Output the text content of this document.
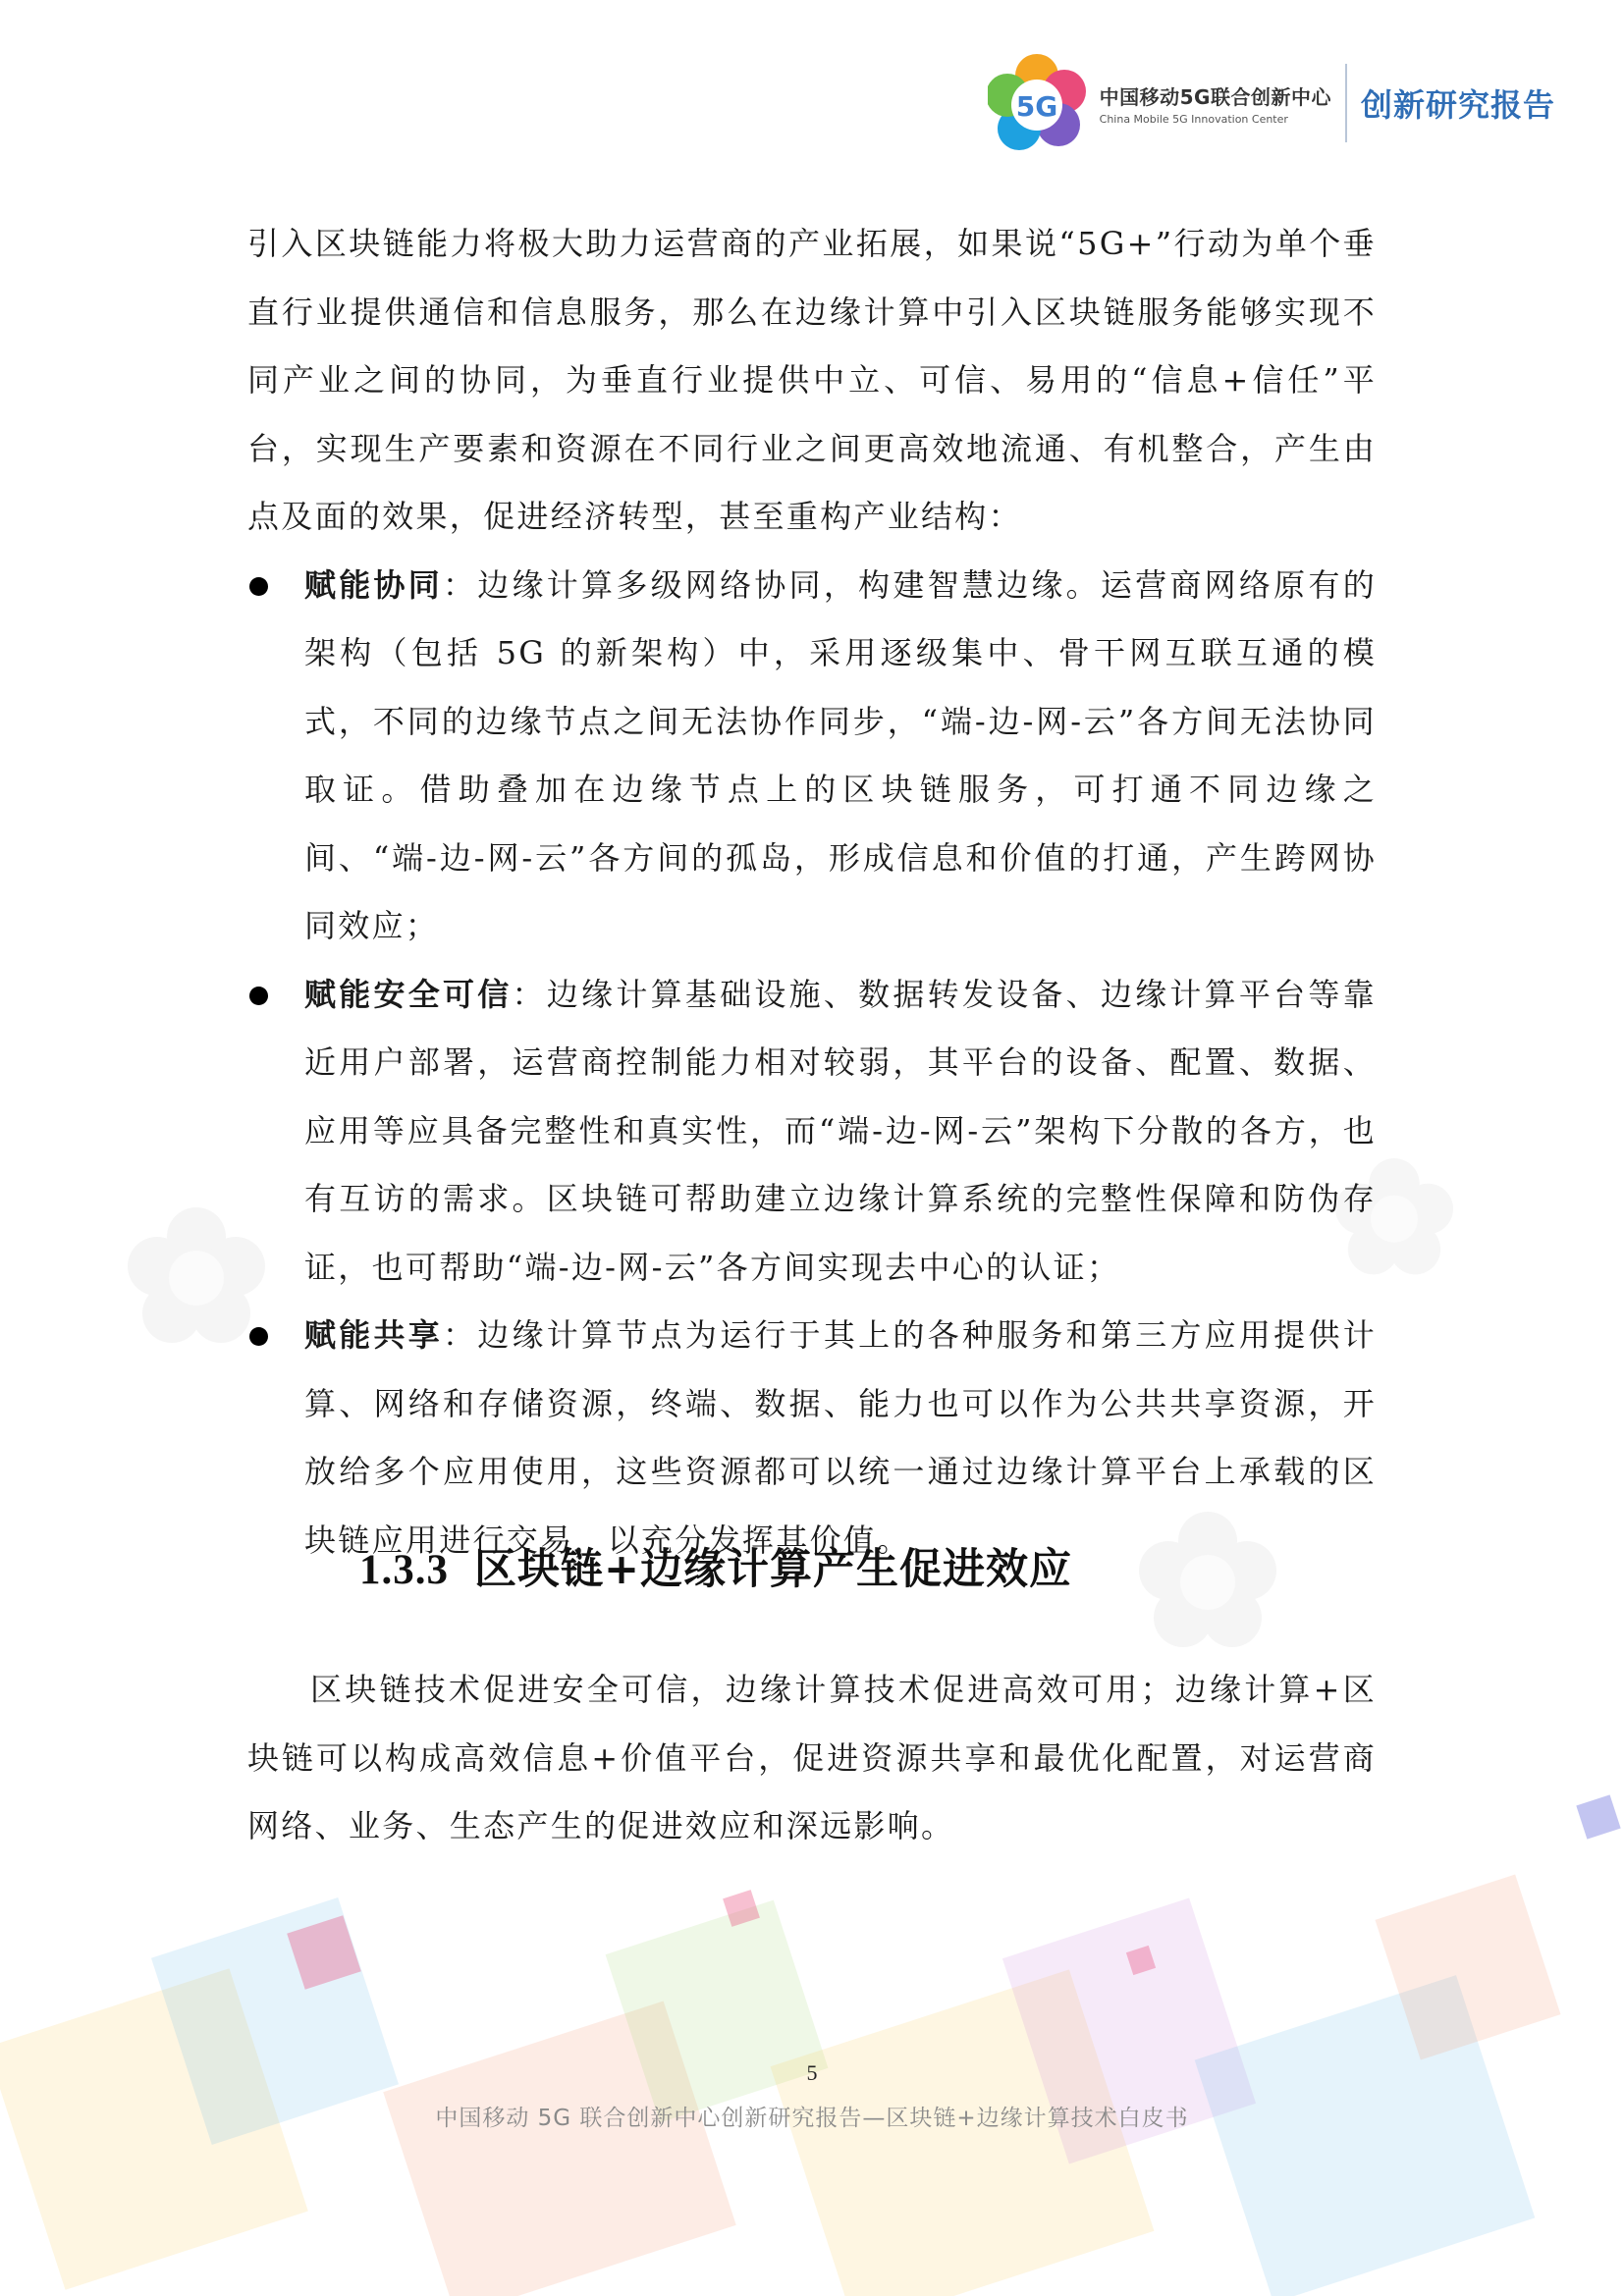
5G 中国移动5G联合创新中心
China Mobile 5G Innovation Center	创新研究报告

引入区块链能力将极大助力运营商的产业拓展，如果说“5G+”行动为单个垂直行业提供通信和信息服务，那么在边缘计算中引入区块链服务能够实现不同产业之间的协同，为垂直行业提供中立、可信、易用的“信息+信任”平台，实现生产要素和资源在不同行业之间更高效地流通、有机整合，产生由点及面的效果，促进经济转型，甚至重构产业结构：

赋能协同：边缘计算多级网络协同，构建智慧边缘。运营商网络原有的架构（包括 5G 的新架构）中，采用逐级集中、骨干网互联互通的模式，不同的边缘节点之间无法协作同步，“端-边-网-云”各方间无法协同取证。借助叠加在边缘节点上的区块链服务，可打通不同边缘之间、“端-边-网-云”各方间的孤岛，形成信息和价值的打通，产生跨网协同效应；
赋能安全可信：边缘计算基础设施、数据转发设备、边缘计算平台等靠近用户部署，运营商控制能力相对较弱，其平台的设备、配置、数据、应用等应具备完整性和真实性，而“端-边-网-云”架构下分散的各方，也有互访的需求。区块链可帮助建立边缘计算系统的完整性保障和防伪存证，也可帮助“端-边-网-云”各方间实现去中心的认证；
赋能共享：边缘计算节点为运行于其上的各种服务和第三方应用提供计算、网络和存储资源，终端、数据、能力也可以作为公共共享资源，开放给多个应用使用，这些资源都可以统一通过边缘计算平台上承载的区块链应用进行交易，以充分发挥其价值。
1.3.3 区块链+边缘计算产生促进效应

区块链技术促进安全可信，边缘计算技术促进高效可用；边缘计算+区块链可以构成高效信息+价值平台，促进资源共享和最优化配置，对运营商网络、业务、生态产生的促进效应和深远影响。

5
中国移动 5G 联合创新中心创新研究报告—区块链+边缘计算技术白皮书
